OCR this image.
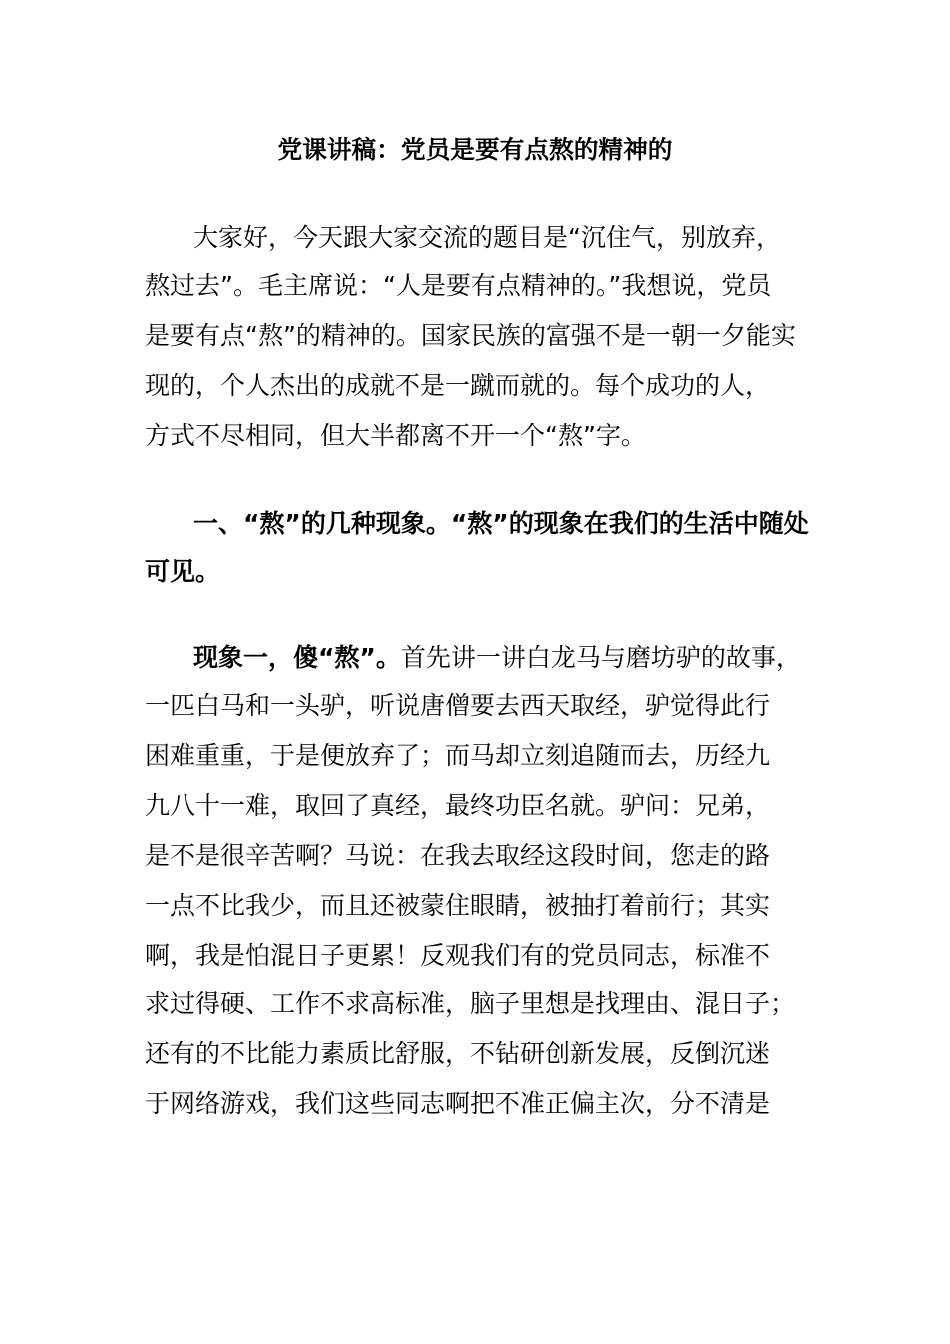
党课讲稿：党员是要有点熬的精神的
大家好，今天跟大家交流的题目是“沉住气，别放弃，
熬过去”。毛主席说：“人是要有点精神的。”我想说，党员
是要有点“熬”的精神的。国家民族的富强不是一朝一夕能实
现的，个人杰出的成就不是一蹴而就的。每个成功的人，
方式不尽相同，但大半都离不开一个“熬”字。
一、“熬”的几种现象。“熬”的现象在我们的生活中随处
可见。
现象一，傻“熬”。首先讲一讲白龙马与磨坊驴的故事，
一匹白马和一头驴，听说唐僧要去西天取经，驴觉得此行
困难重重，于是便放弃了；而马却立刻追随而去，历经九
九八十一难，取回了真经，最终功臣名就。驴问：兄弟，
是不是很辛苦啊？马说：在我去取经这段时间，您走的路
一点不比我少，而且还被蒙住眼睛，被抽打着前行；其实
啊，我是怕混日子更累！反观我们有的党员同志，标准不
求过得硬、工作不求高标准，脑子里想是找理由、混日子；
还有的不比能力素质比舒服，不钻研创新发展，反倒沉迷
于网络游戏，我们这些同志啊把不准正偏主次，分不清是
